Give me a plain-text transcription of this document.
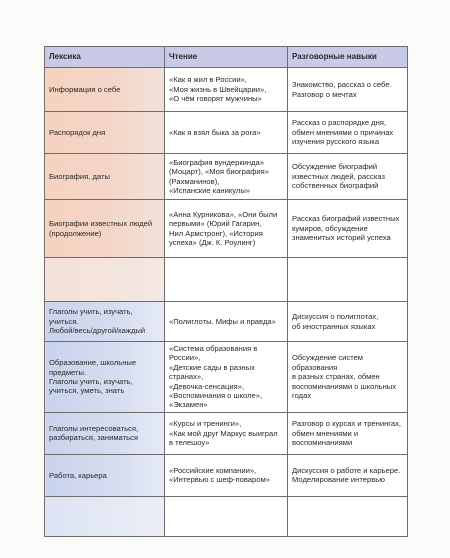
Лексика	Чтение	Разговорные навыки

Информация о себе	«Как я жил в России»,
«Моя жизнь в Швейцарии»,
«О чём говорят мужчины»	Знакомство, рассказ о себе.
Разговор о мечтах

Распорядок дня	«Как я взял быка за рога»	Рассказ о распорядке дня,
обмен мнениями о причинах
изучения русского языка

Биография, даты	«Биография вундеркинда»
(Моцарт), «Моя биография»
(Рахманинов),
«Испанские каникулы»	Обсуждение биографий
известных людей, рассказ
собственных биографий

Биографии известных людей
(продолжение)	«Анна Курникова», «Они были
первыми» (Юрий Гагарин,
Нил Армстронг), «История
успеха» (Дж. К. Роулинг)	Рассказ биографий известных
кумиров, обсуждение
знаменитых историй успеха

Глаголы учить, изучать, учиться.
Любой/весь/другой/каждый	«Полиглоты. Мифы и правда»	Дискуссия о полиглотах,
об иностранных языках

Образование, школьные
предметы.
Глаголы учить, изучать,
учиться, уметь, знать	«Система образования в России»,
«Детские сады в разных странах»,
«Девочка-сенсация»,
«Воспоминания о школе»,
«Экзамен»	Обсуждение систем образования
в разных странах, обмен
воспоминаниями о школьных
годах

Глаголы интересоваться,
разбираться, заниматься	«Курсы и тренинги»,
«Как мой друг Маркус выиграл
в телешоу»	Разговор о курсах и тренингах,
обмен мнениями и
воспоминаниями

Работа, карьера	«Российские компании»,
«Интервью с шеф-поваром»	Дискуссия о работе и карьере.
Моделирование интервью
